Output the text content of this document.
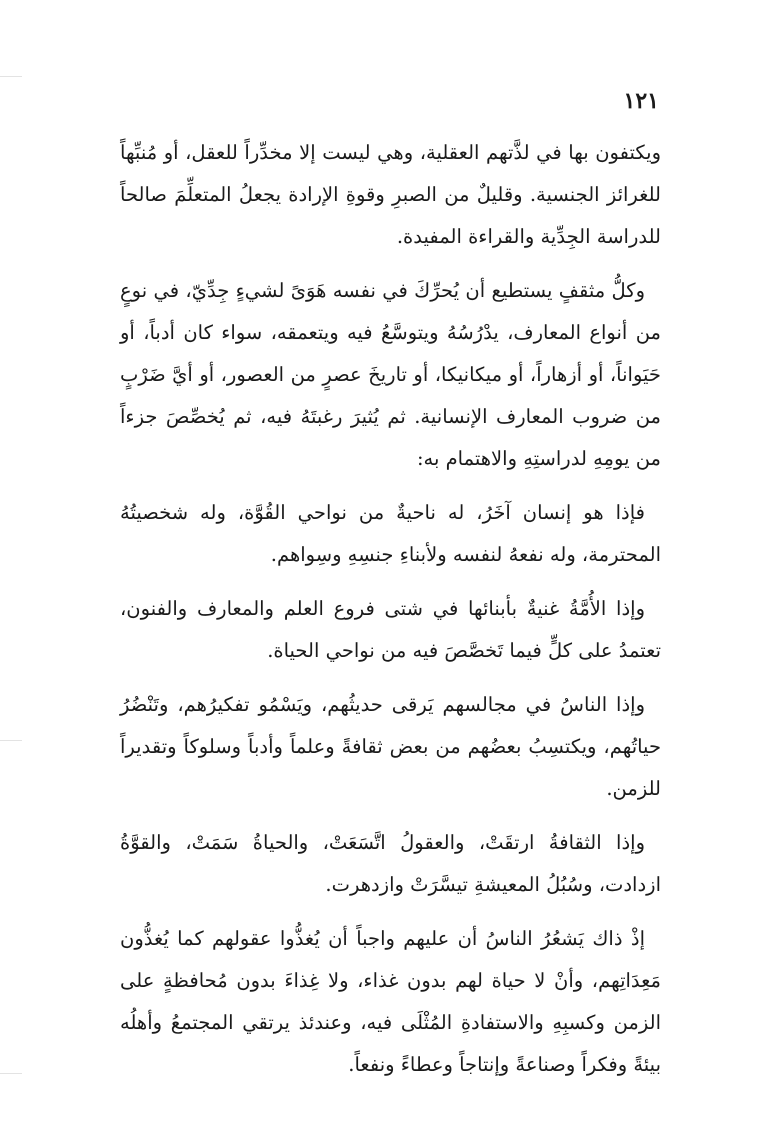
١٢١

ويكتفون بها في لذَّتهم العقلية، وهي ليست إلا مخدِّراً للعقل، أو مُنبِّهاً للغرائز الجنسية. وقليلٌ من الصبرِ وقوةِ الإرادة يجعلُ المتعلِّمَ صالحاً للدراسة الجِدِّية والقراءة المفيدة.

وكلُّ مثقفٍ يستطيع أن يُحرِّكَ في نفسه هَوَىً لشيءٍ جِدِّيّ، في نوعٍ من أنواع المعارف، يدْرُسُهُ ويتوسَّعُ فيه ويتعمقه، سواء كان أدباً، أو حَيَواناً، أو أزهاراً، أو ميكانيكا، أو تاريخَ عصرٍ من العصور، أو أيَّ ضَرْبٍ من ضروب المعارف الإنسانية. ثم يُثيرَ رغبتَهُ فيه، ثم يُخصِّصَ جزءاً من يومِهِ لدراستِهِ والاهتمام به:

فإذا هو إنسان آخَرُ، له ناحيةٌ من نواحي القُوَّة، وله شخصيتُهُ المحترمة، وله نفعهُ لنفسه ولأبناءِ جنسِهِ وسِواهم.

وإذا الأُمَّةُ غنيةٌ بأبنائها في شتى فروع العلم والمعارف والفنون، تعتمدُ على كلٍّ فيما تَخصَّصَ فيه من نواحي الحياة.

وإذا الناسُ في مجالسهم يَرقى حديثُهم، ويَسْمُو تفكيرُهم، وتَنْضُرُ حياتُهم، ويكتسِبُ بعضُهم من بعض ثقافةً وعلماً وأدباً وسلوكاً وتقديراً للزمن.

وإذا الثقافةُ ارتقَتْ، والعقولُ اتَّسَعَتْ، والحياةُ سَمَتْ، والقوَّةُ ازدادت، وسُبُلُ المعيشةِ تيسَّرَتْ وازدهرت.

إذْ ذاك يَشعُرُ الناسُ أن عليهم واجباً أن يُغذُّوا عقولهم كما يُغذُّون مَعِدَاتِهم، وأنْ لا حياة لهم بدون غذاء، ولا غِذاءَ بدون مُحافظةٍ على الزمن وكسبِهِ والاستفادةِ المُثْلَى فيه، وعندئذ يرتقي المجتمعُ وأهلُه بيئةً وفكراً وصناعةً وإنتاجاً وعطاءً ونفعاً.
